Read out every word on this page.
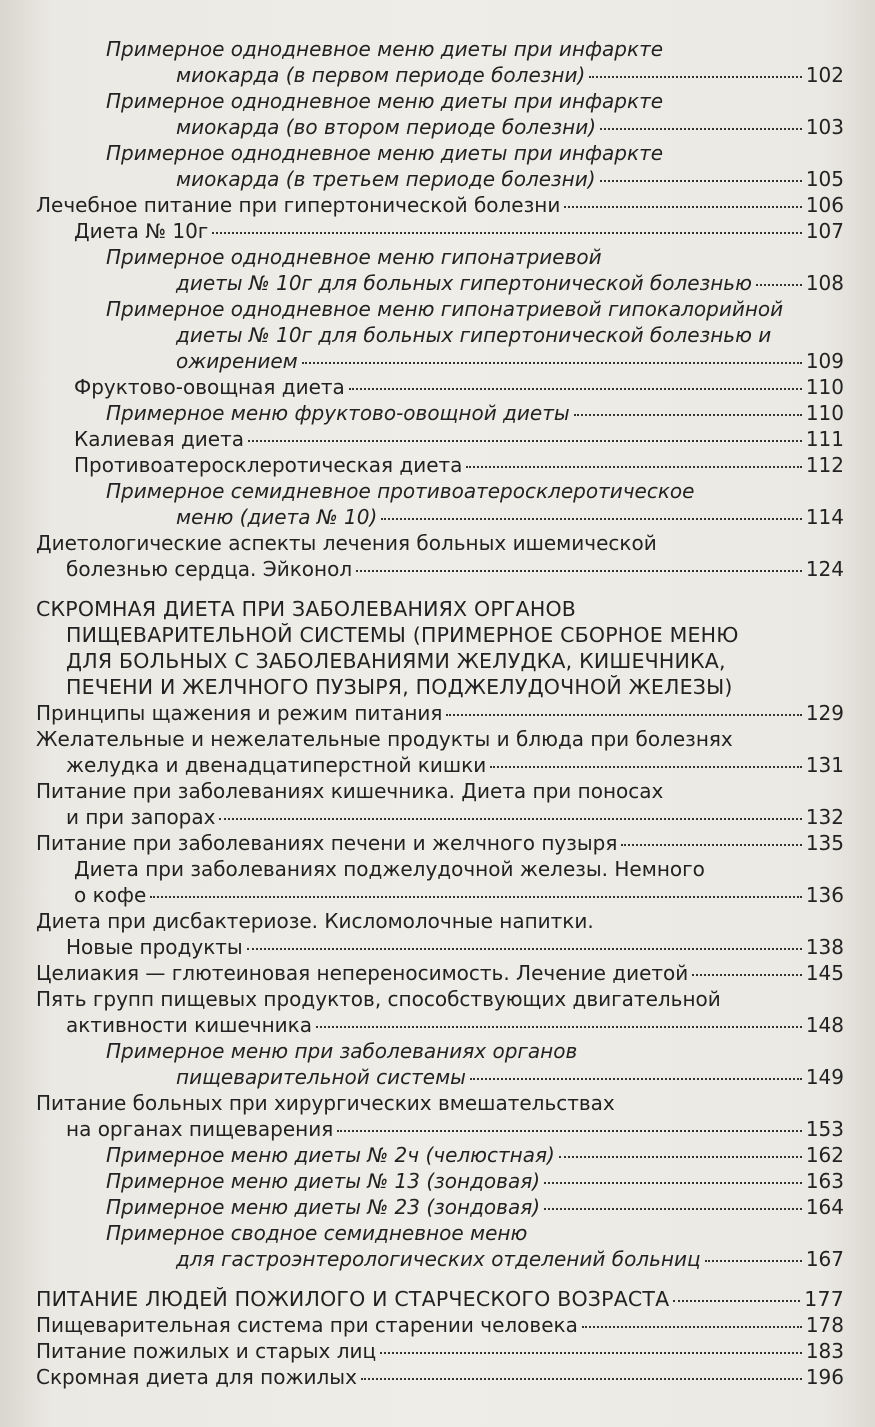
Примерное однодневное меню диеты при инфаркте
миокарда (в первом периоде болезни)	102
Примерное однодневное меню диеты при инфаркте
миокарда (во втором периоде болезни)	103
Примерное однодневное меню диеты при инфаркте
миокарда (в третьем периоде болезни)	105
Лечебное питание при гипертонической болезни	106
Диета № 10г	107
Примерное однодневное меню гипонатриевой
диеты № 10г для больных гипертонической болезнью	108
Примерное однодневное меню гипонатриевой гипокалорийной
диеты № 10г для больных гипертонической болезнью и
ожирением	109
Фруктово-овощная диета	110
Примерное меню фруктово-овощной диеты	110
Калиевая диета	111
Противоатеросклеротическая диета	112
Примерное семидневное противоатеросклеротическое
меню (диета № 10)	114
Диетологические аспекты лечения больных ишемической
болезнью сердца. Эйконол	124
СКРОМНАЯ ДИЕТА ПРИ ЗАБОЛЕВАНИЯХ ОРГАНОВ
ПИЩЕВАРИТЕЛЬНОЙ СИСТЕМЫ (ПРИМЕРНОЕ СБОРНОЕ МЕНЮ
ДЛЯ БОЛЬНЫХ С ЗАБОЛЕВАНИЯМИ ЖЕЛУДКА, КИШЕЧНИКА,
ПЕЧЕНИ И ЖЕЛЧНОГО ПУЗЫРЯ, ПОДЖЕЛУДОЧНОЙ ЖЕЛЕЗЫ)
Принципы щажения и режим питания	129
Желательные и нежелательные продукты и блюда при болезнях
желудка и двенадцатиперстной кишки	131
Питание при заболеваниях кишечника. Диета при поносах
и при запорах	132
Питание при заболеваниях печени и желчного пузыря	135
Диета при заболеваниях поджелудочной железы. Немного
о кофе	136
Диета при дисбактериозе. Кисломолочные напитки.
Новые продукты	138
Целиакия — глютеиновая непереносимость. Лечение диетой	145
Пять групп пищевых продуктов, способствующих двигательной
активности кишечника	148
Примерное меню при заболеваниях органов
пищеварительной системы	149
Питание больных при хирургических вмешательствах
на органах пищеварения	153
Примерное меню диеты № 2ч (челюстная)	162
Примерное меню диеты № 13 (зондовая)	163
Примерное меню диеты № 23 (зондовая)	164
Примерное сводное семидневное меню
для гастроэнтерологических отделений больниц	167
ПИТАНИЕ ЛЮДЕЙ ПОЖИЛОГО И СТАРЧЕСКОГО ВОЗРАСТА	177
Пищеварительная система при старении человека	178
Питание пожилых и старых лиц	183
Скромная диета для пожилых	196
